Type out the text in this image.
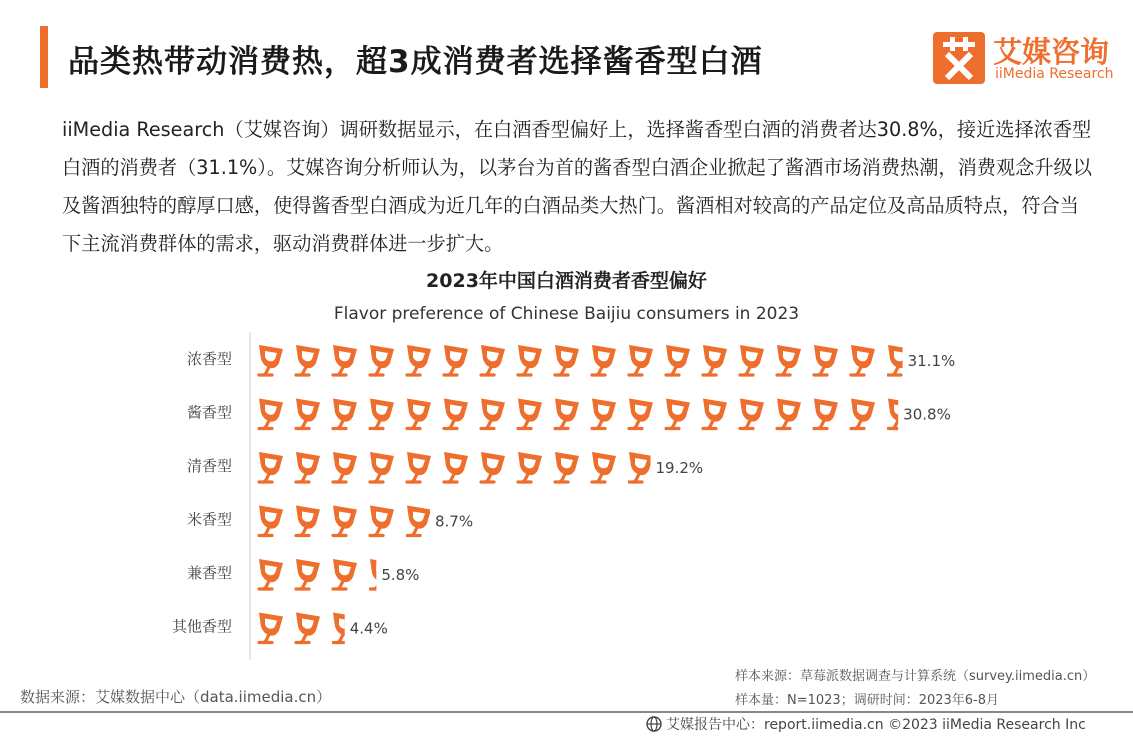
品类热带动消费热，超3成消费者选择酱香型白酒	艾媒咨询
iiMedia Research
iiMedia Research（艾媒咨询）调研数据显示，在白酒香型偏好上，选择酱香型白酒的消费者达30.8%，接近选择浓香型白酒的消费者（31.1%）。艾媒咨询分析师认为，以茅台为首的酱香型白酒企业掀起了酱酒市场消费热潮，消费观念升级以及酱酒独特的醇厚口感，使得酱香型白酒成为近几年的白酒品类大热门。酱酒相对较高的产品定位及高品质特点，符合当下主流消费群体的需求，驱动消费群体进一步扩大。
2023年中国白酒消费者香型偏好
Flavor preference of Chinese Baijiu consumers in 2023
浓香型	31.1%
酱香型	30.8%
清香型	19.2%
米香型	8.7%
兼香型	5.8%
其他香型	4.4%
数据来源：艾媒数据中心（data.iimedia.cn）
样本来源：草莓派数据调查与计算系统（survey.iimedia.cn）
样本量：N=1023；调研时间：2023年6-8月
艾媒报告中心：report.iimedia.cn ©2023 iiMedia Research Inc
